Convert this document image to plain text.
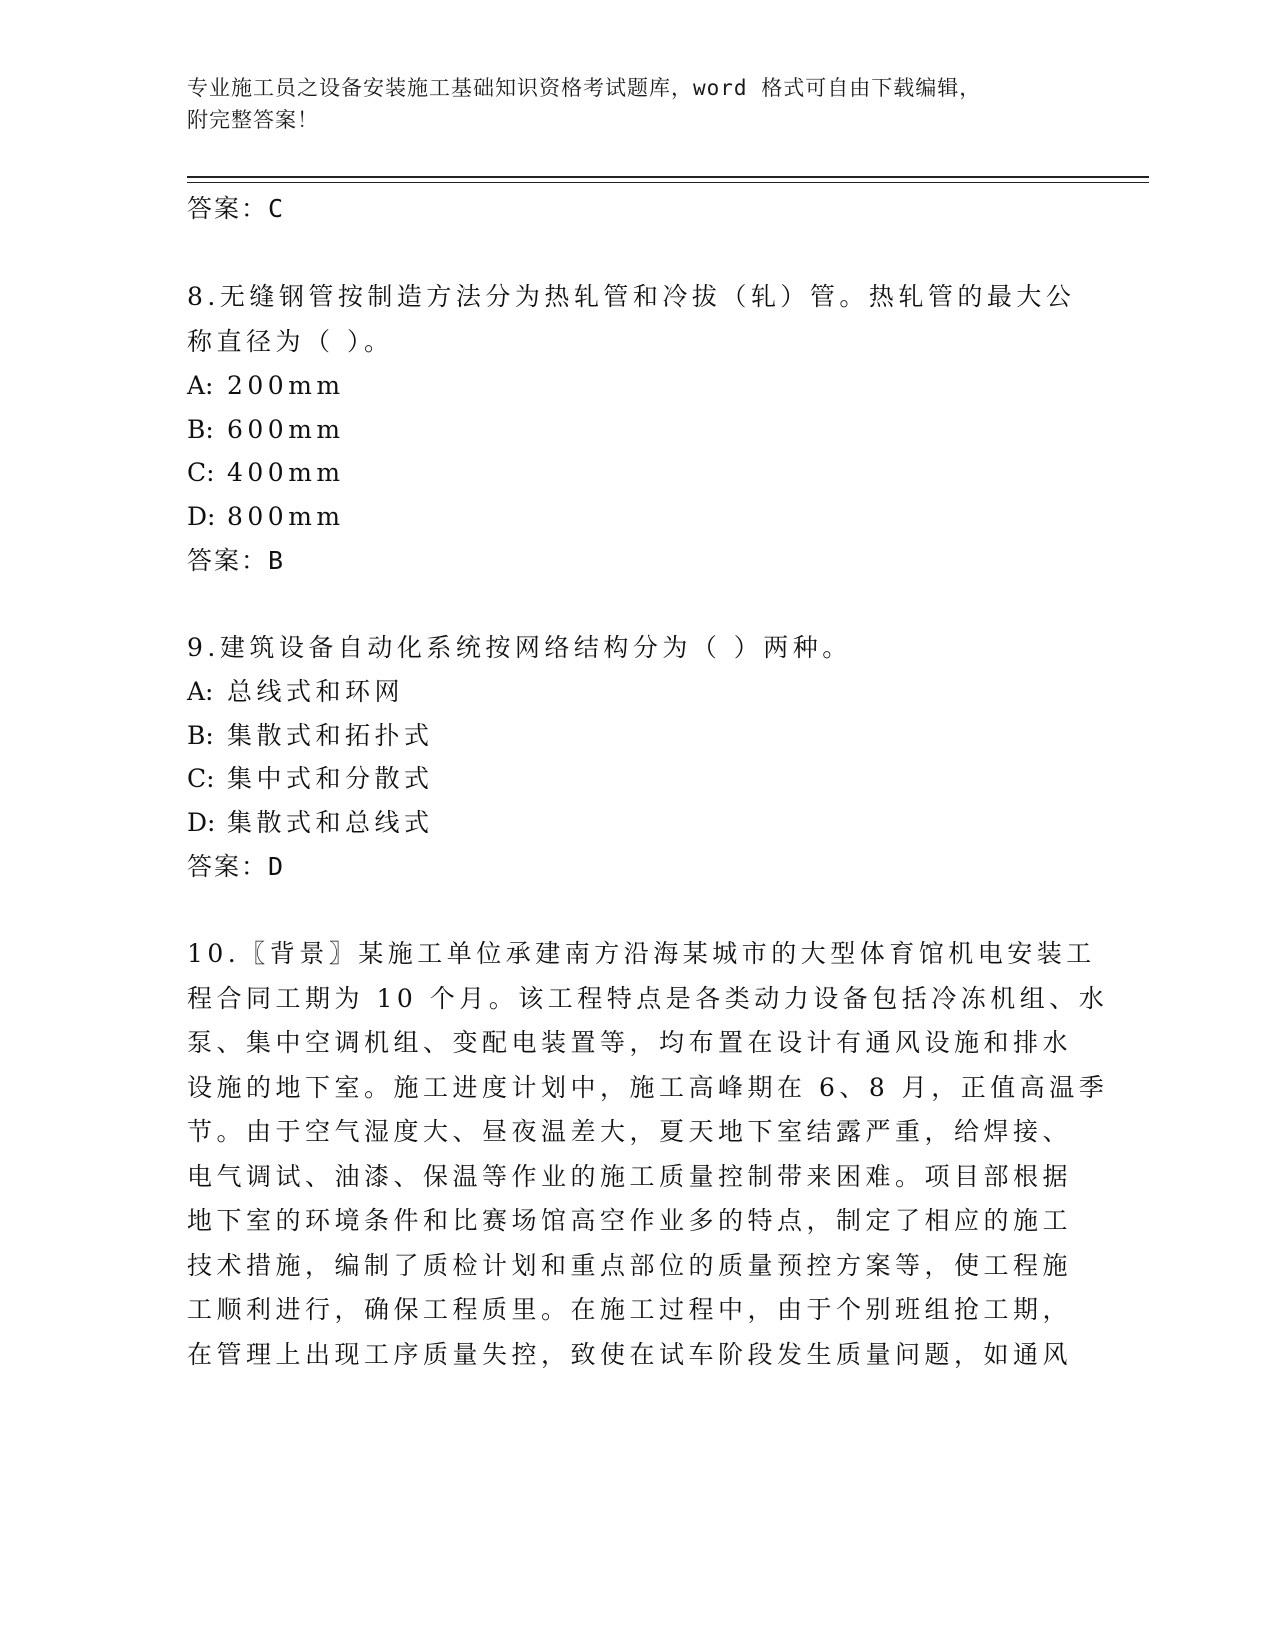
专业施工员之设备安装施工基础知识资格考试题库，word 格式可自由下载编辑，
附完整答案！
答案：C
8.无缝钢管按制造方法分为热轧管和冷拔（轧）管。热轧管的最大公
称直径为（ ）。
A: 200mm
B: 600mm
C: 400mm
D: 800mm
答案：B
9.建筑设备自动化系统按网络结构分为（ ）两种。
A: 总线式和环网
B: 集散式和拓扑式
C: 集中式和分散式
D: 集散式和总线式
答案：D
10.〖背景〗某施工单位承建南方沿海某城市的大型体育馆机电安装工
程合同工期为 10 个月。该工程特点是各类动力设备包括冷冻机组、水
泵、集中空调机组、变配电装置等，均布置在设计有通风设施和排水
设施的地下室。施工进度计划中，施工高峰期在 6、8 月，正值高温季
节。由于空气湿度大、昼夜温差大，夏天地下室结露严重，给焊接、
电气调试、油漆、保温等作业的施工质量控制带来困难。项目部根据
地下室的环境条件和比赛场馆高空作业多的特点，制定了相应的施工
技术措施，编制了质检计划和重点部位的质量预控方案等，使工程施
工顺利进行，确保工程质里。在施工过程中，由于个别班组抢工期，
在管理上出现工序质量失控，致使在试车阶段发生质量问题，如通风
